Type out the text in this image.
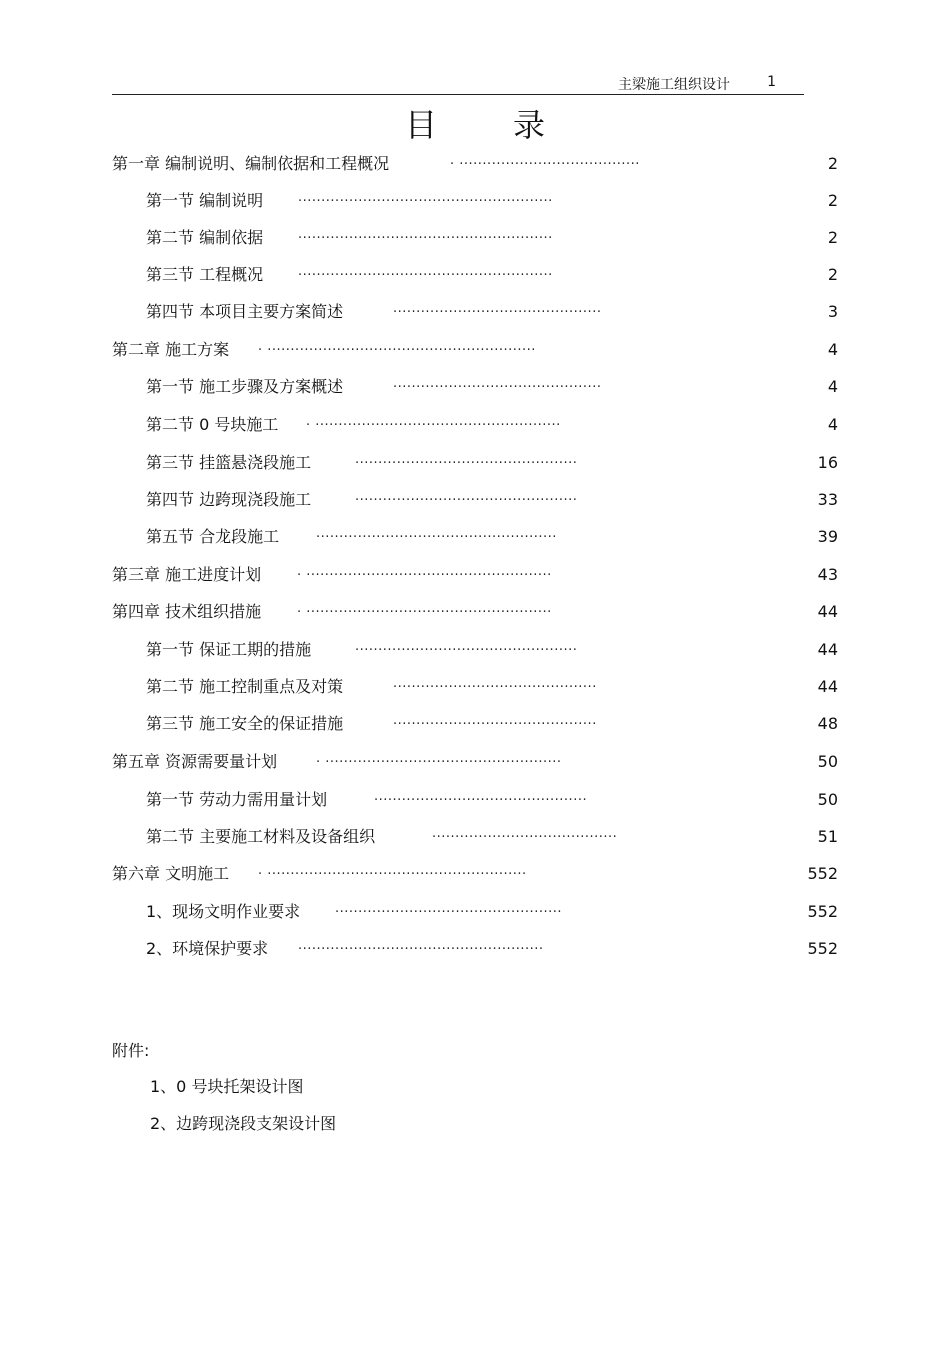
主梁施工组织设计	1
目录
第一章 编制说明、编制依据和工程概况	. .......................................	2
第一节 编制说明	.......................................................	2
第二节 编制依据	.......................................................	2
第三节 工程概况	.......................................................	2
第四节 本项目主要方案简述	.............................................	3
第二章 施工方案 . ..........................................................	4
第一节 施工步骤及方案概述	.............................................	4
第二节 0 号块施工 . .....................................................	4
第三节 挂篮悬浇段施工	................................................	16
第四节 边跨现浇段施工	................................................	33
第五节 合龙段施工	....................................................	39
第三章 施工进度计划	. .....................................................	43
第四章 技术组织措施	. .....................................................	44
第一节 保证工期的措施	................................................	44
第二节 施工控制重点及对策	............................................	44
第三节 施工安全的保证措施	............................................	48
第五章 资源需要量计划	. ...................................................	50
第一节 劳动力需用量计划	..............................................	50
第二节 主要施工材料及设备组织	........................................	51
第六章 文明施工 . ........................................................	552
1、现场文明作业要求	.................................................	552
2、环境保护要求 .....................................................	552
附件:
1、0 号块托架设计图
2、边跨现浇段支架设计图
